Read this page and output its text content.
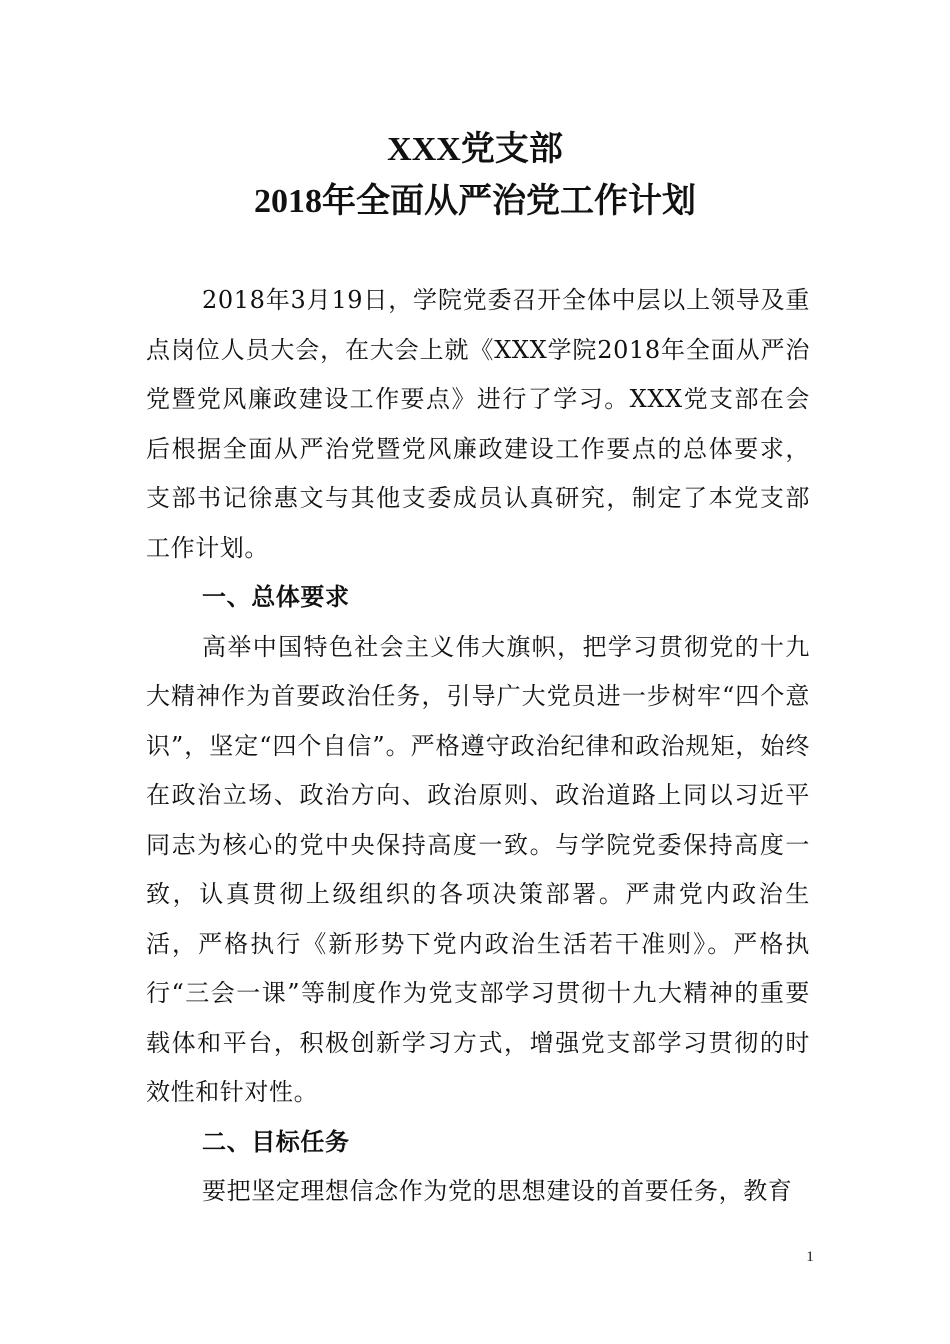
XXX党支部
2018年全面从严治党工作计划

2018年3月19日，学院党委召开全体中层以上领导及重点岗位人员大会，在大会上就《XXX学院2018年全面从严治党暨党风廉政建设工作要点》进行了学习。XXX党支部在会后根据全面从严治党暨党风廉政建设工作要点的总体要求，支部书记徐惠文与其他支委成员认真研究，制定了本党支部工作计划。

一、总体要求

高举中国特色社会主义伟大旗帜，把学习贯彻党的十九大精神作为首要政治任务，引导广大党员进一步树牢“四个意识”，坚定“四个自信”。严格遵守政治纪律和政治规矩，始终在政治立场、政治方向、政治原则、政治道路上同以习近平同志为核心的党中央保持高度一致。与学院党委保持高度一致，认真贯彻上级组织的各项决策部署。严肃党内政治生活，严格执行《新形势下党内政治生活若干准则》。严格执行“三会一课”等制度作为党支部学习贯彻十九大精神的重要载体和平台，积极创新学习方式，增强党支部学习贯彻的时效性和针对性。

二、目标任务

要把坚定理想信念作为党的思想建设的首要任务，教育

1
